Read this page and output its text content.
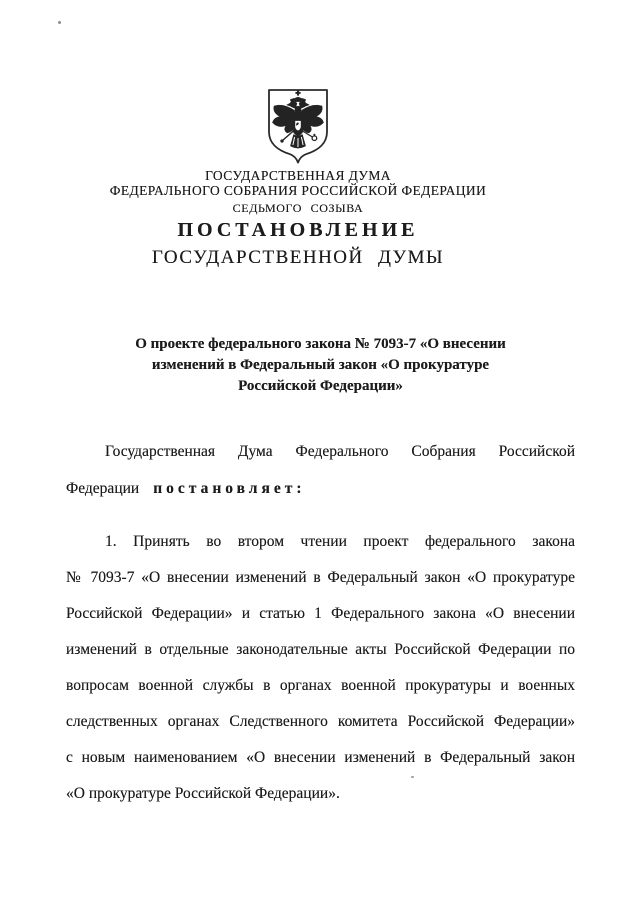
ГОСУДАРСТВЕННАЯ ДУМА
ФЕДЕРАЛЬНОГО СОБРАНИЯ РОССИЙСКОЙ ФЕДЕРАЦИИ
СЕДЬМОГО СОЗЫВА
ПОСТАНОВЛЕНИЕ
ГОСУДАРСТВЕННОЙ ДУМЫ
О проекте федерального закона № 7093-7 «О внесении
изменений в Федеральный закон «О прокуратуре
Российской Федерации»
Государственная Дума Федерального Собрания Российской
Федерации постановляет:
1. Принять во втором чтении проект федерального закона
№ 7093-7 «О внесении изменений в Федеральный закон «О прокуратуре
Российской Федерации» и статью 1 Федерального закона «О внесении
изменений в отдельные законодательные акты Российской Федерации по
вопросам военной службы в органах военной прокуратуры и военных
следственных органах Следственного комитета Российской Федерации»
с новым наименованием «О внесении изменений в Федеральный закон
«О прокуратуре Российской Федерации».
